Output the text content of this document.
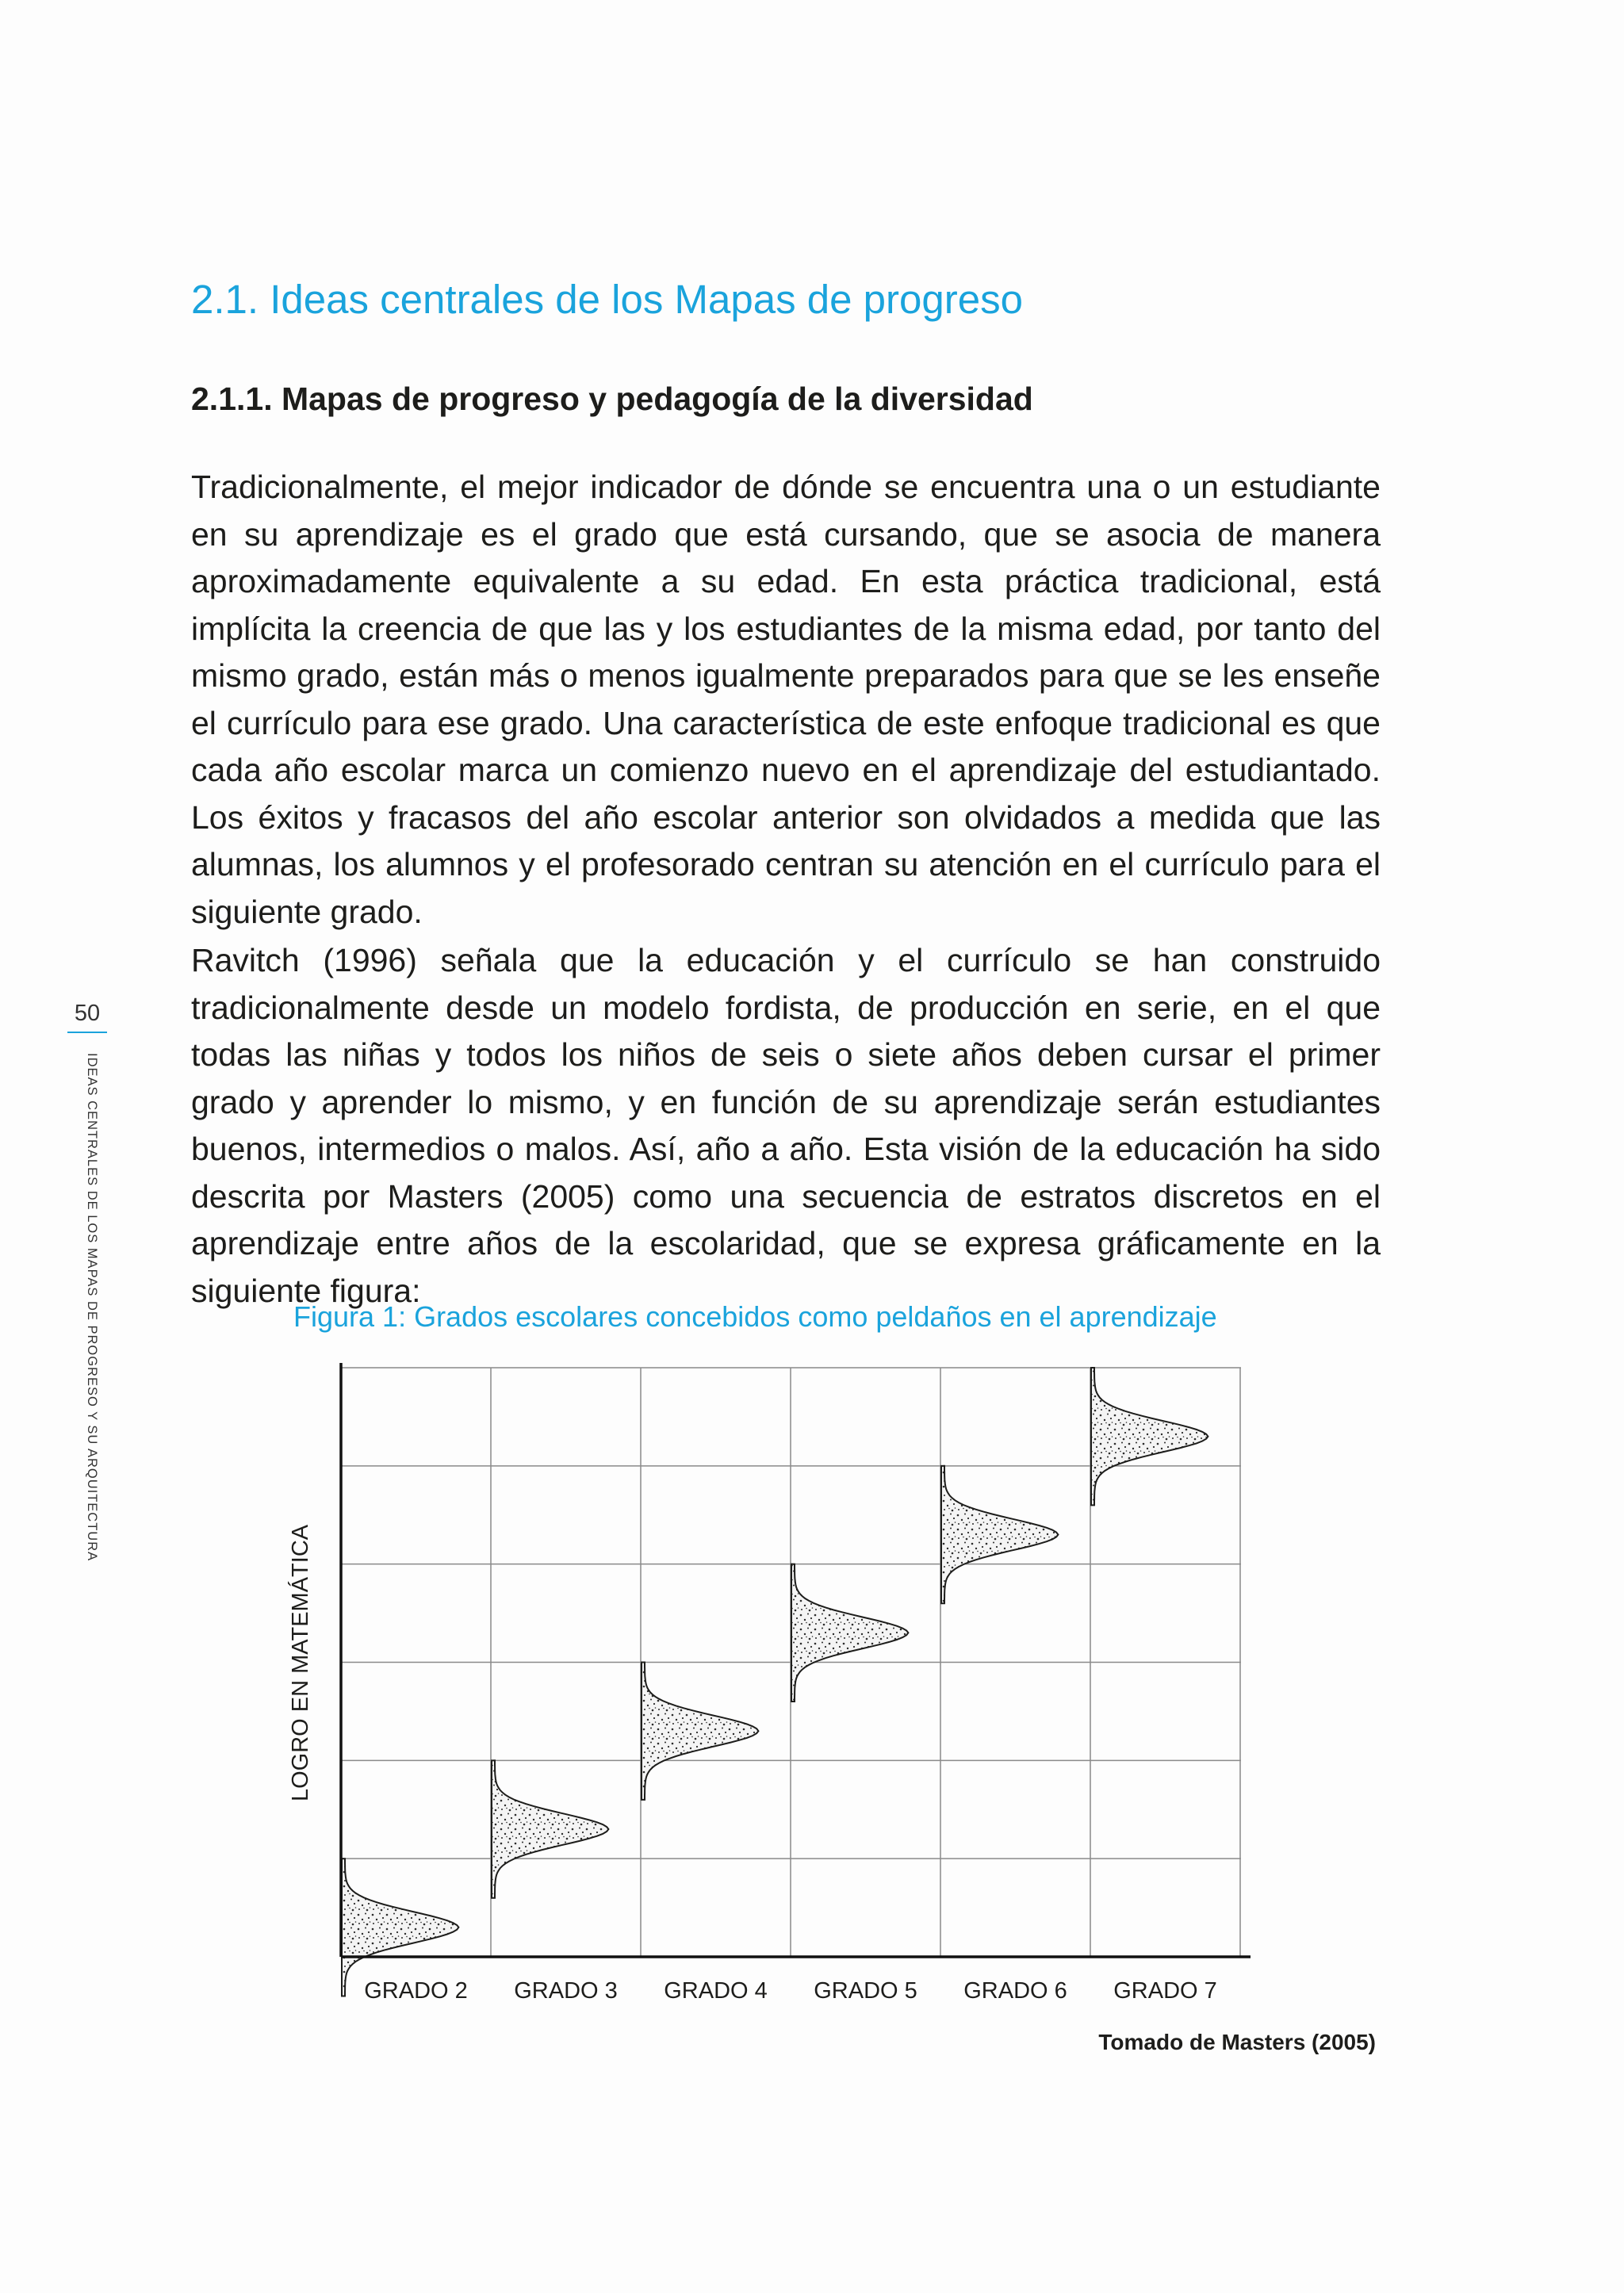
2.1. Ideas centrales de los Mapas de progreso
2.1.1. Mapas de progreso y pedagogía de la diversidad

Tradicionalmente, el mejor indicador de dónde se encuentra una o un estudiante en su aprendizaje es el grado que está cursando, que se asocia de manera aproximadamente equivalente a su edad. En esta práctica tradicional, está implícita la creencia de que las y los estudiantes de la misma edad, por tanto del mismo grado, están más o menos igualmente preparados para que se les enseñe el currículo para ese grado. Una característica de este enfoque tradicional es que cada año escolar marca un comienzo nuevo en el aprendizaje del estudiantado. Los éxitos y fracasos del año escolar anterior son olvidados a medida que las alumnas, los alumnos y el profesorado centran su atención en el currículo para el siguiente grado.

Ravitch (1996) señala que la educación y el currículo se han construido tradicionalmente desde un modelo fordista, de producción en serie, en el que todas las niñas y todos los niños de seis o siete años deben cursar el primer grado y aprender lo mismo, y en función de su aprendizaje serán estudiantes buenos, intermedios o malos. Así, año a año. Esta visión de la educación ha sido descrita por Masters (2005) como una secuencia de estratos discretos en el aprendizaje entre años de la escolaridad, que se expresa gráficamente en la siguiente figura:

50
IDEAS CENTRALES DE LOS MAPAS DE PROGRESO Y SU ARQUITECTURA	Figura 1: Grados escolares concebidos como peldaños en el aprendizaje

GRADO 2 GRADO 3 GRADO 4 GRADO 5 GRADO 6 GRADO 7
LOGRO EN MATEMÁTICA
Tomado de Masters (2005)
